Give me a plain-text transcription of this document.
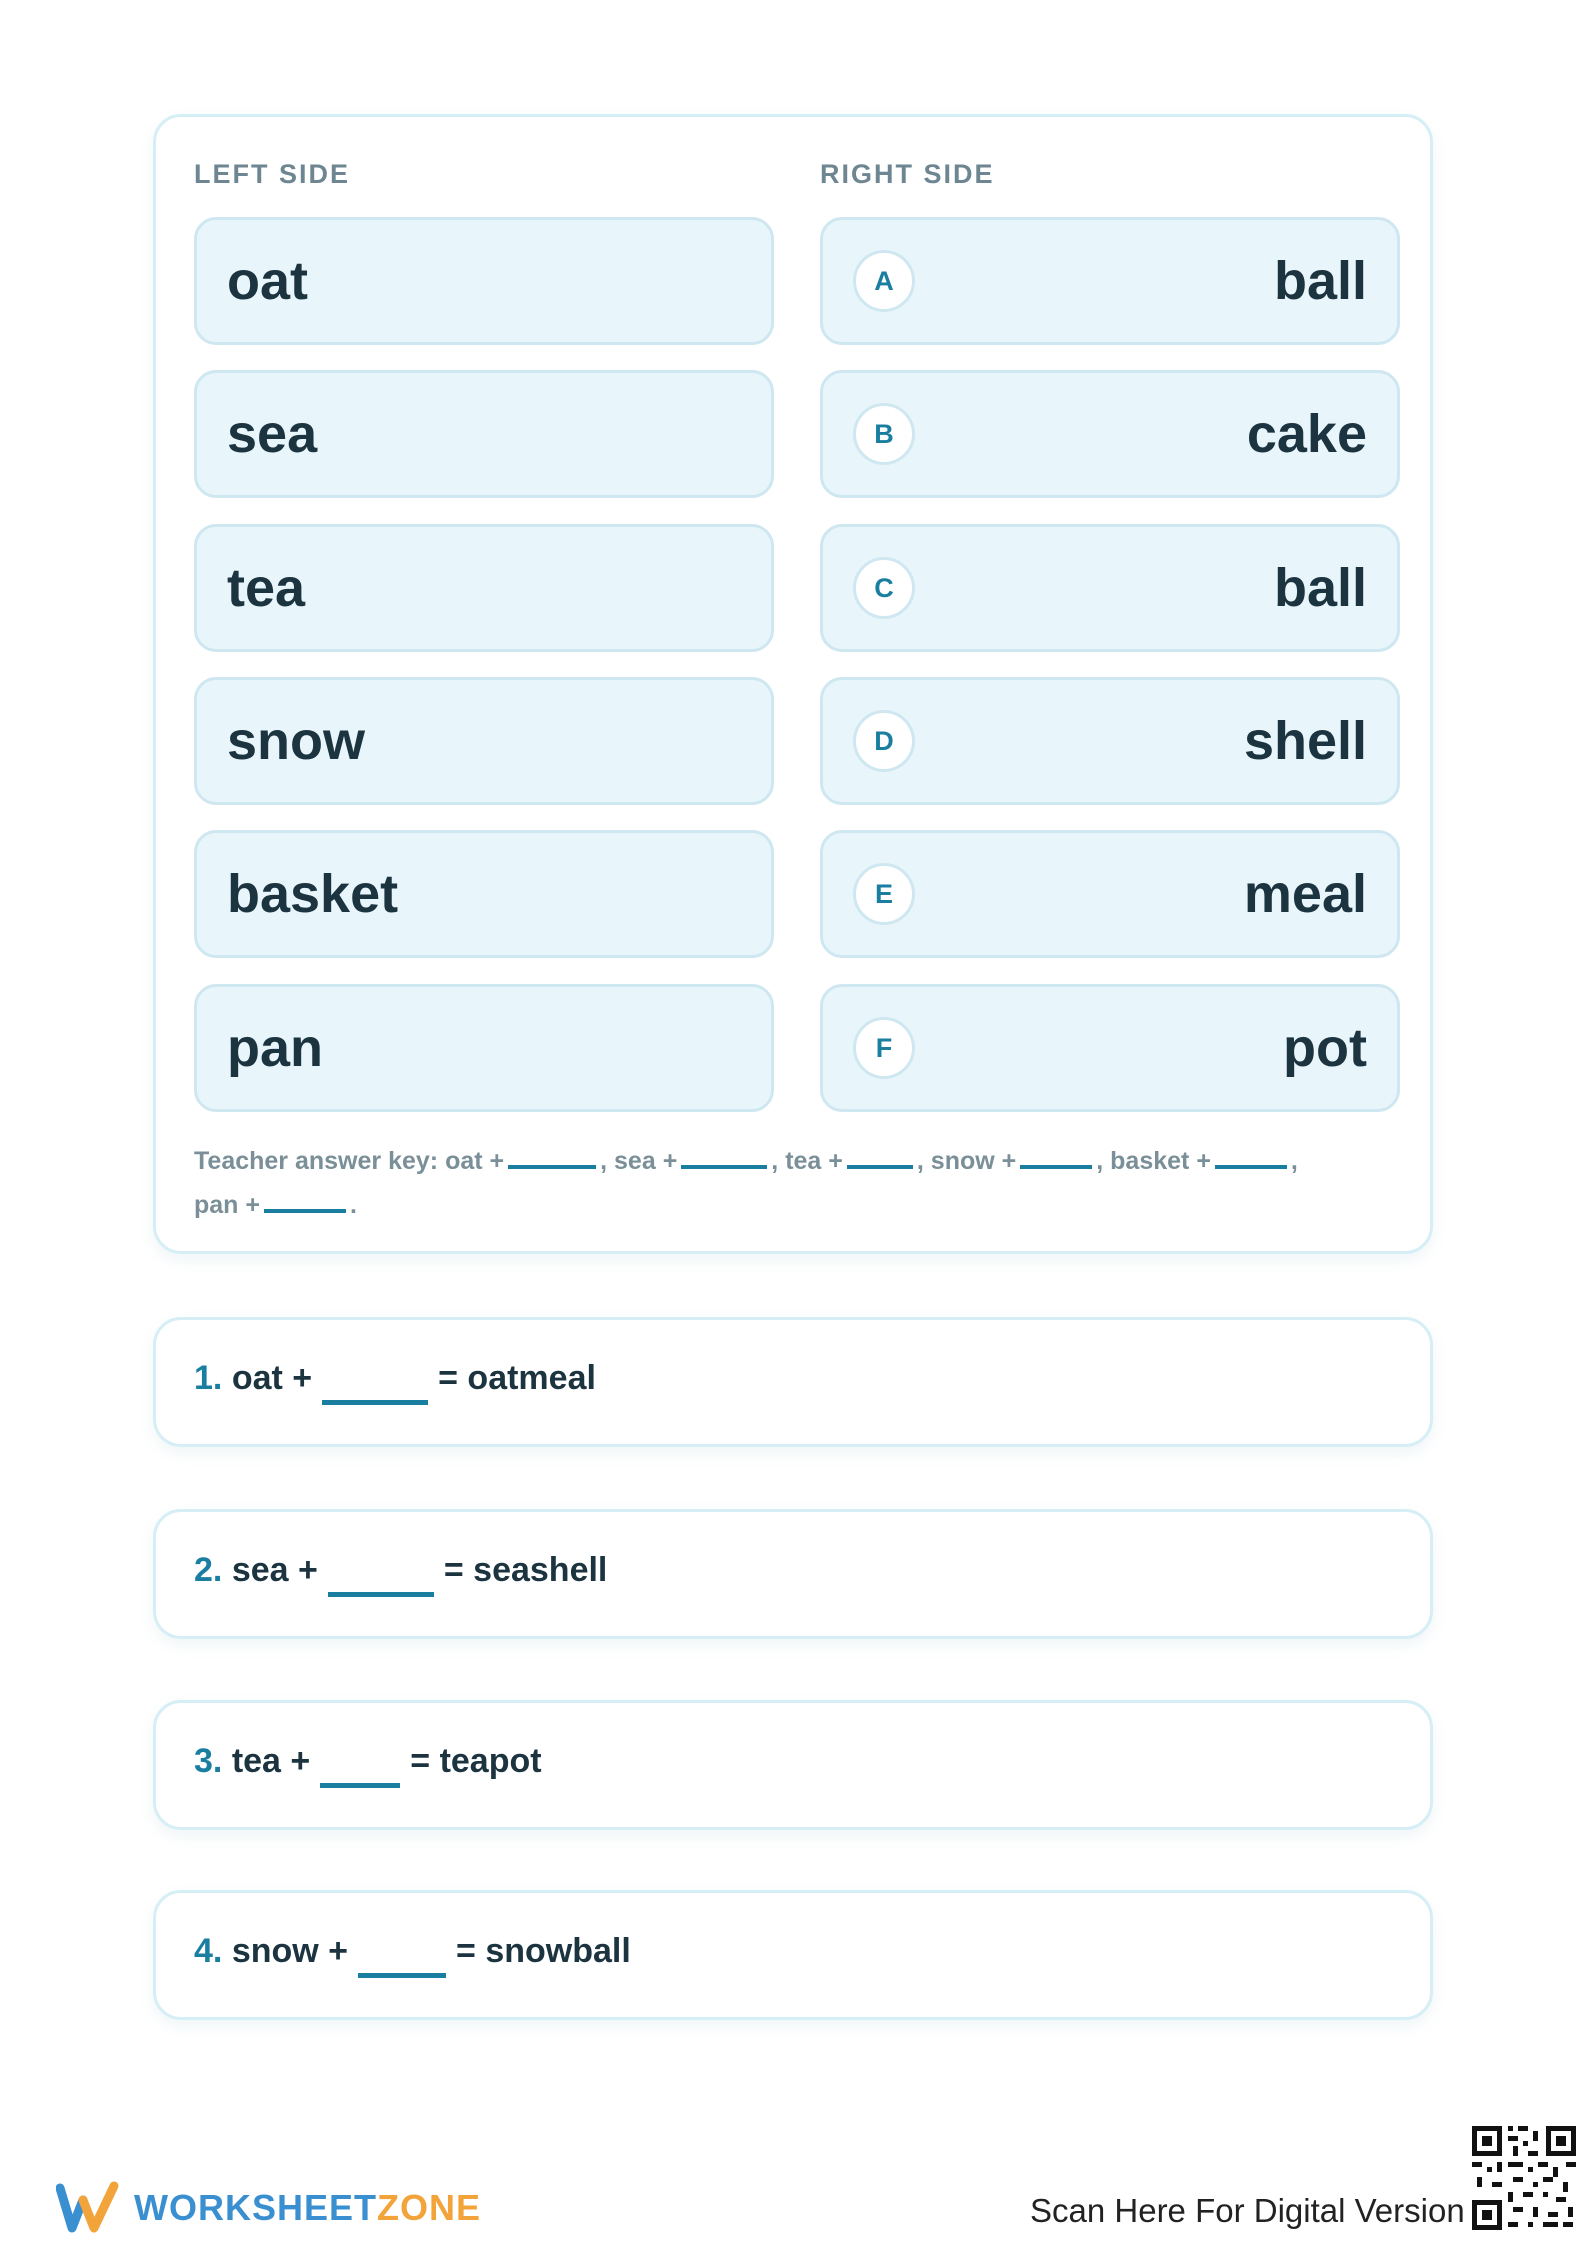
LEFT SIDE	RIGHT SIDE
oat
sea
tea
snow
basket
pan
A	ball
B	cake
C	ball
D	shell
E	meal
F	pot
Teacher answer key: oat +	, sea +	, tea +	, snow +	, basket +	, pan +	.
1. oat +	= oatmeal
2. sea +	= seashell
3. tea +	= teapot
4. snow +	= snowball
WORKSHEETZONE	Scan Here For Digital Version
